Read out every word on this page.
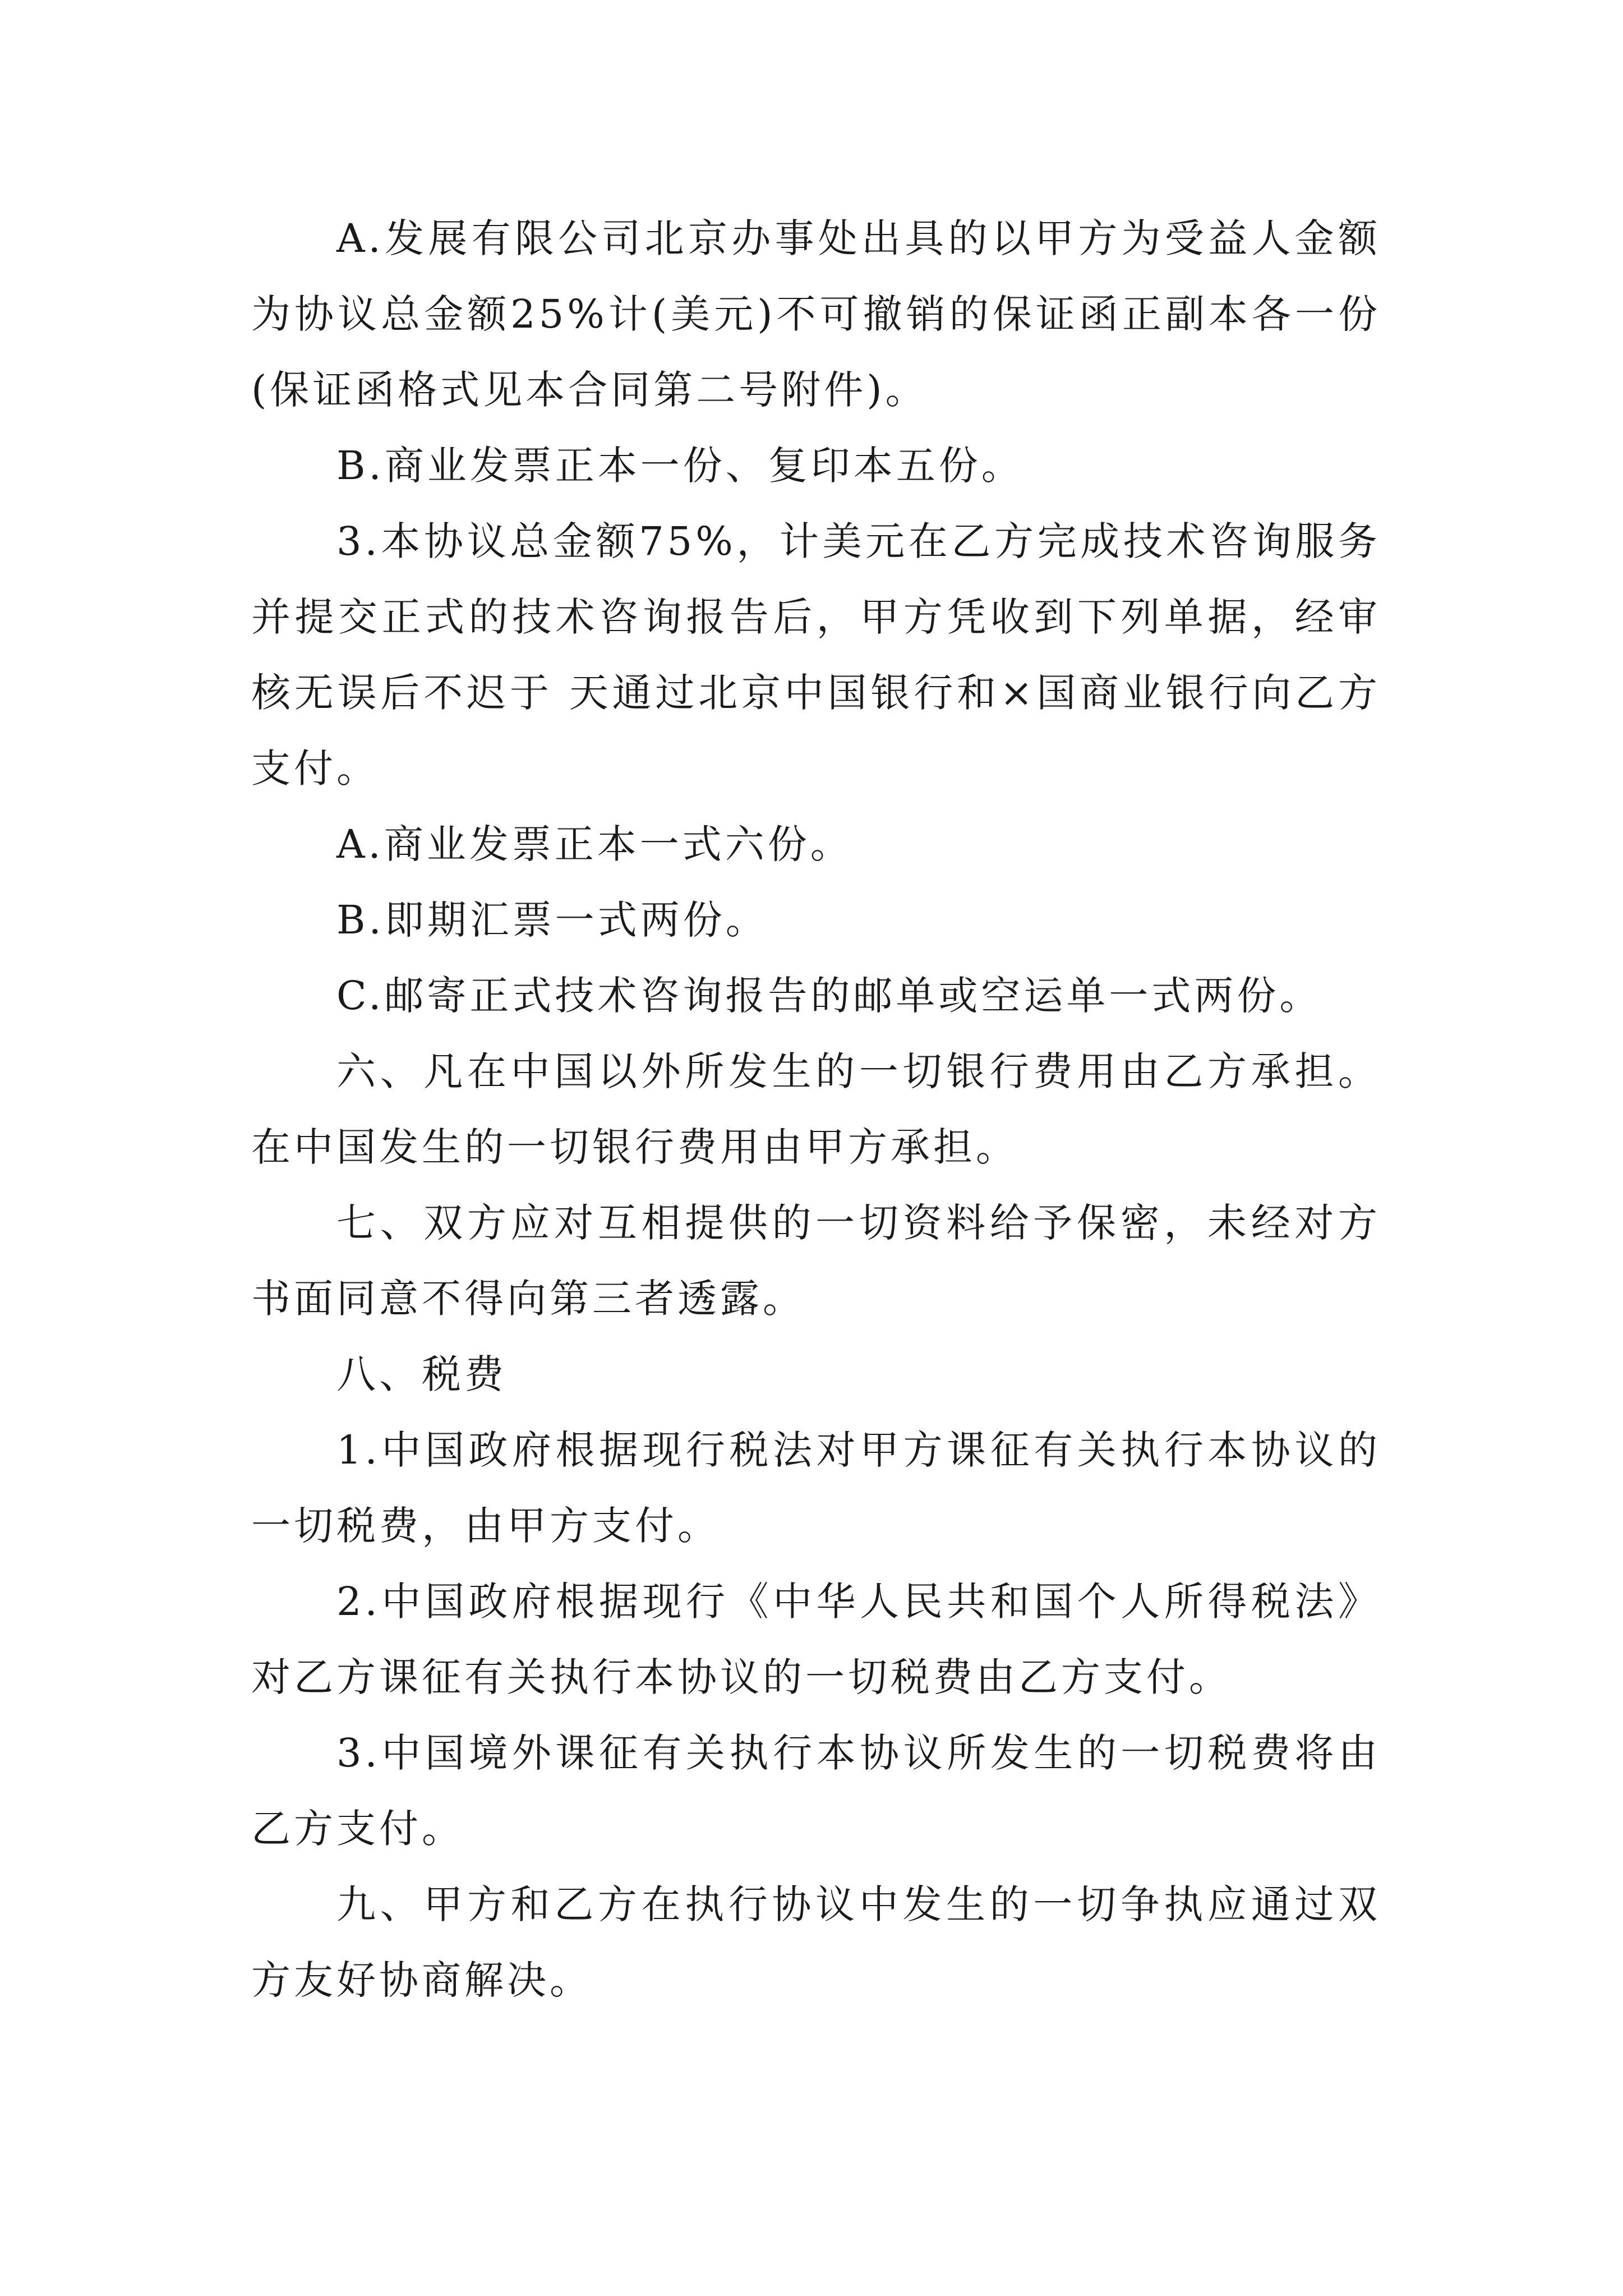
A.发展有限公司北京办事处出具的以甲方为受益人金额为协议总金额25%计(美元)不可撤销的保证函正副本各一份(保证函格式见本合同第二号附件)。

B.商业发票正本一份、复印本五份。

3.本协议总金额75%，计美元在乙方完成技术咨询服务并提交正式的技术咨询报告后，甲方凭收到下列单据，经审核无误后不迟于 天通过北京中国银行和×国商业银行向乙方支付。

A.商业发票正本一式六份。

B.即期汇票一式两份。

C.邮寄正式技术咨询报告的邮单或空运单一式两份。

六、凡在中国以外所发生的一切银行费用由乙方承担。在中国发生的一切银行费用由甲方承担。

七、双方应对互相提供的一切资料给予保密，未经对方书面同意不得向第三者透露。

八、税费

1.中国政府根据现行税法对甲方课征有关执行本协议的一切税费，由甲方支付。

2.中国政府根据现行《中华人民共和国个人所得税法》对乙方课征有关执行本协议的一切税费由乙方支付。

3.中国境外课征有关执行本协议所发生的一切税费将由乙方支付。

九、甲方和乙方在执行协议中发生的一切争执应通过双方友好协商解决。
